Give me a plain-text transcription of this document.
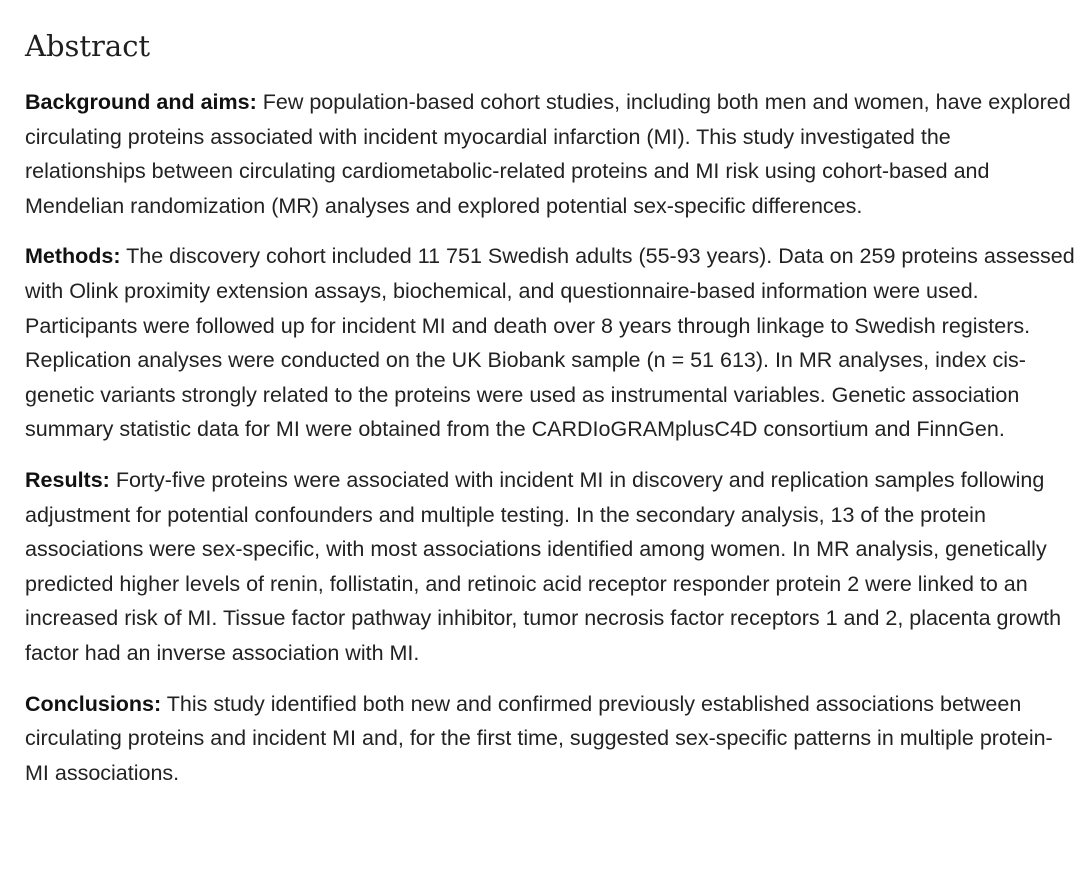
Abstract

Background and aims: Few population-based cohort studies, including both men and women, have explored circulating proteins associated with incident myocardial infarction (MI). This study investigated the relationships between circulating cardiometabolic-related proteins and MI risk using cohort-based and Mendelian randomization (MR) analyses and explored potential sex-specific differences.

Methods: The discovery cohort included 11 751 Swedish adults (55-93 years). Data on 259 proteins assessed with Olink proximity extension assays, biochemical, and questionnaire-based information were used. Participants were followed up for incident MI and death over 8 years through linkage to Swedish registers. Replication analyses were conducted on the UK Biobank sample (n = 51 613). In MR analyses, index cis-genetic variants strongly related to the proteins were used as instrumental variables. Genetic association summary statistic data for MI were obtained from the CARDIoGRAMplusC4D consortium and FinnGen.

Results: Forty-five proteins were associated with incident MI in discovery and replication samples following adjustment for potential confounders and multiple testing. In the secondary analysis, 13 of the protein associations were sex-specific, with most associations identified among women. In MR analysis, genetically predicted higher levels of renin, follistatin, and retinoic acid receptor responder protein 2 were linked to an increased risk of MI. Tissue factor pathway inhibitor, tumor necrosis factor receptors 1 and 2, placenta growth factor had an inverse association with MI.

Conclusions: This study identified both new and confirmed previously established associations between circulating proteins and incident MI and, for the first time, suggested sex-specific patterns in multiple protein-MI associations.
